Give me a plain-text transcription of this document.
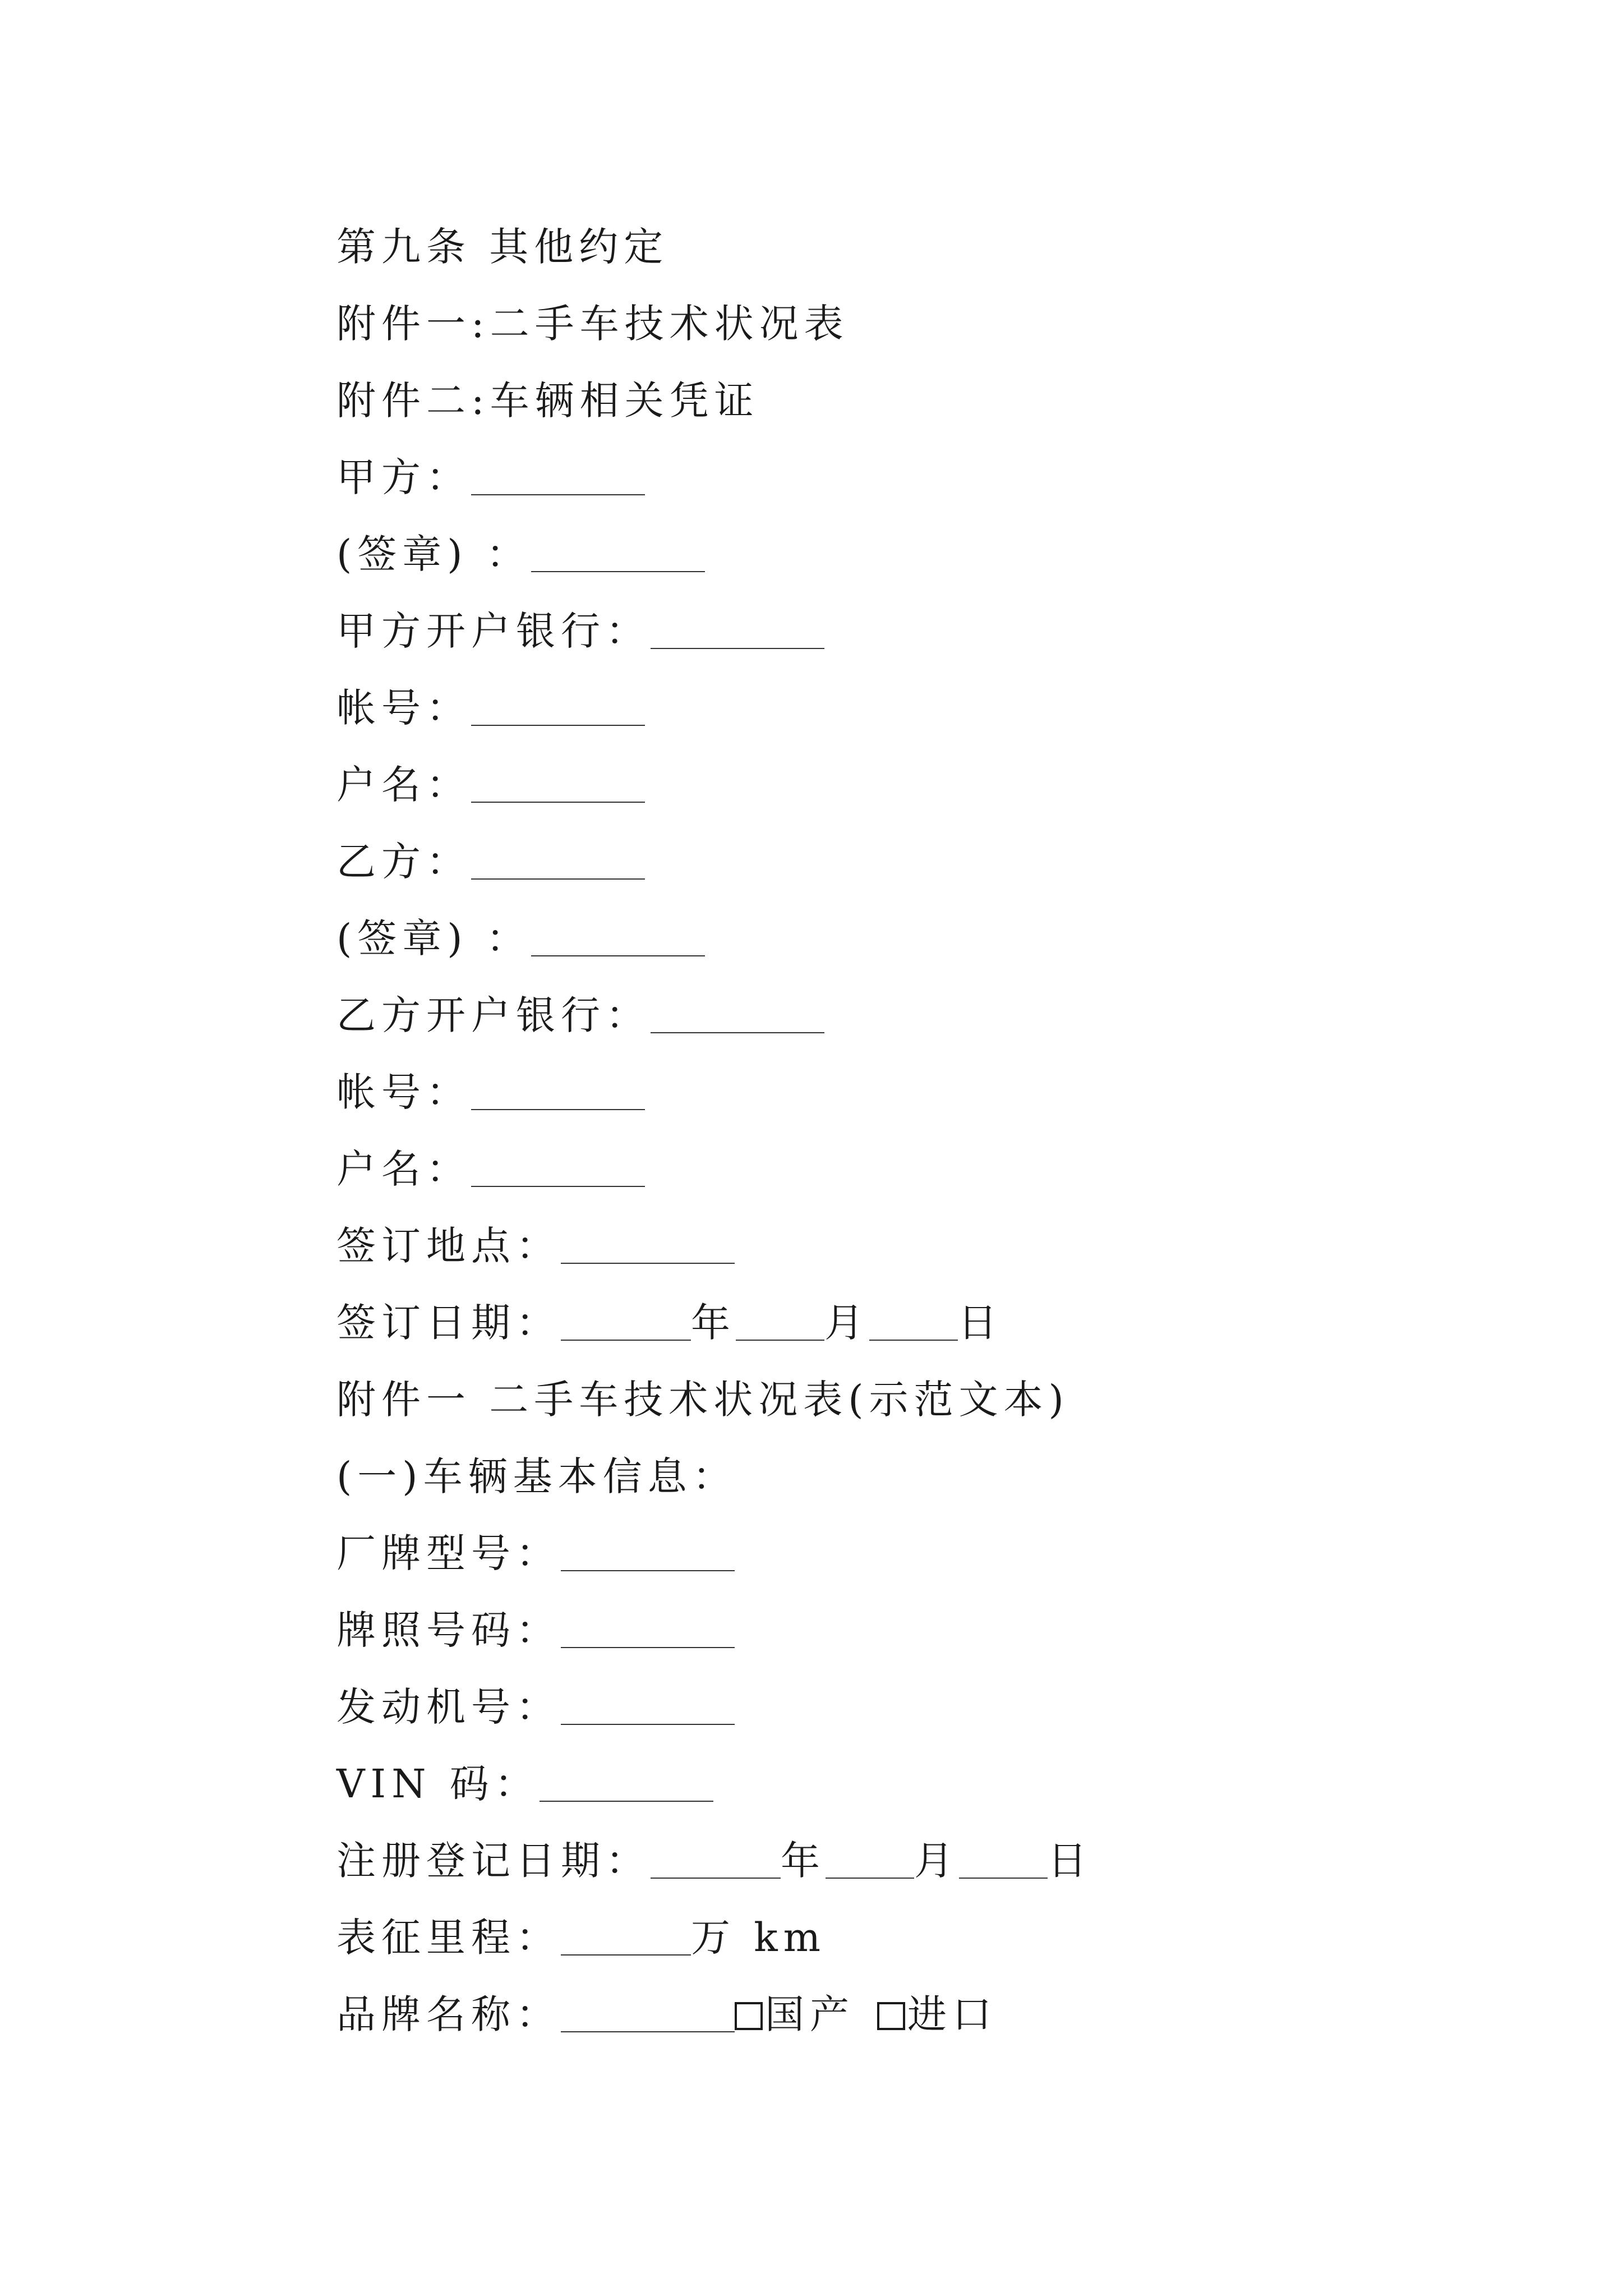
第九条 其他约定
附件一:二手车技术状况表
附件二:车辆相关凭证
甲方：
(签章) ：
甲方开户银行：
帐号：
户名：
乙方：
(签章) ：
乙方开户银行：
帐号：
户名：
签订地点：
签订日期：	年 月 日
附件一 二手车技术状况表(示范文本)
(一)车辆基本信息：
厂牌型号：
牌照号码：
发动机号：
VIN 码：
注册登记日期：	年 月 日
表征里程：	万 km
品牌名称：	国产 进口
